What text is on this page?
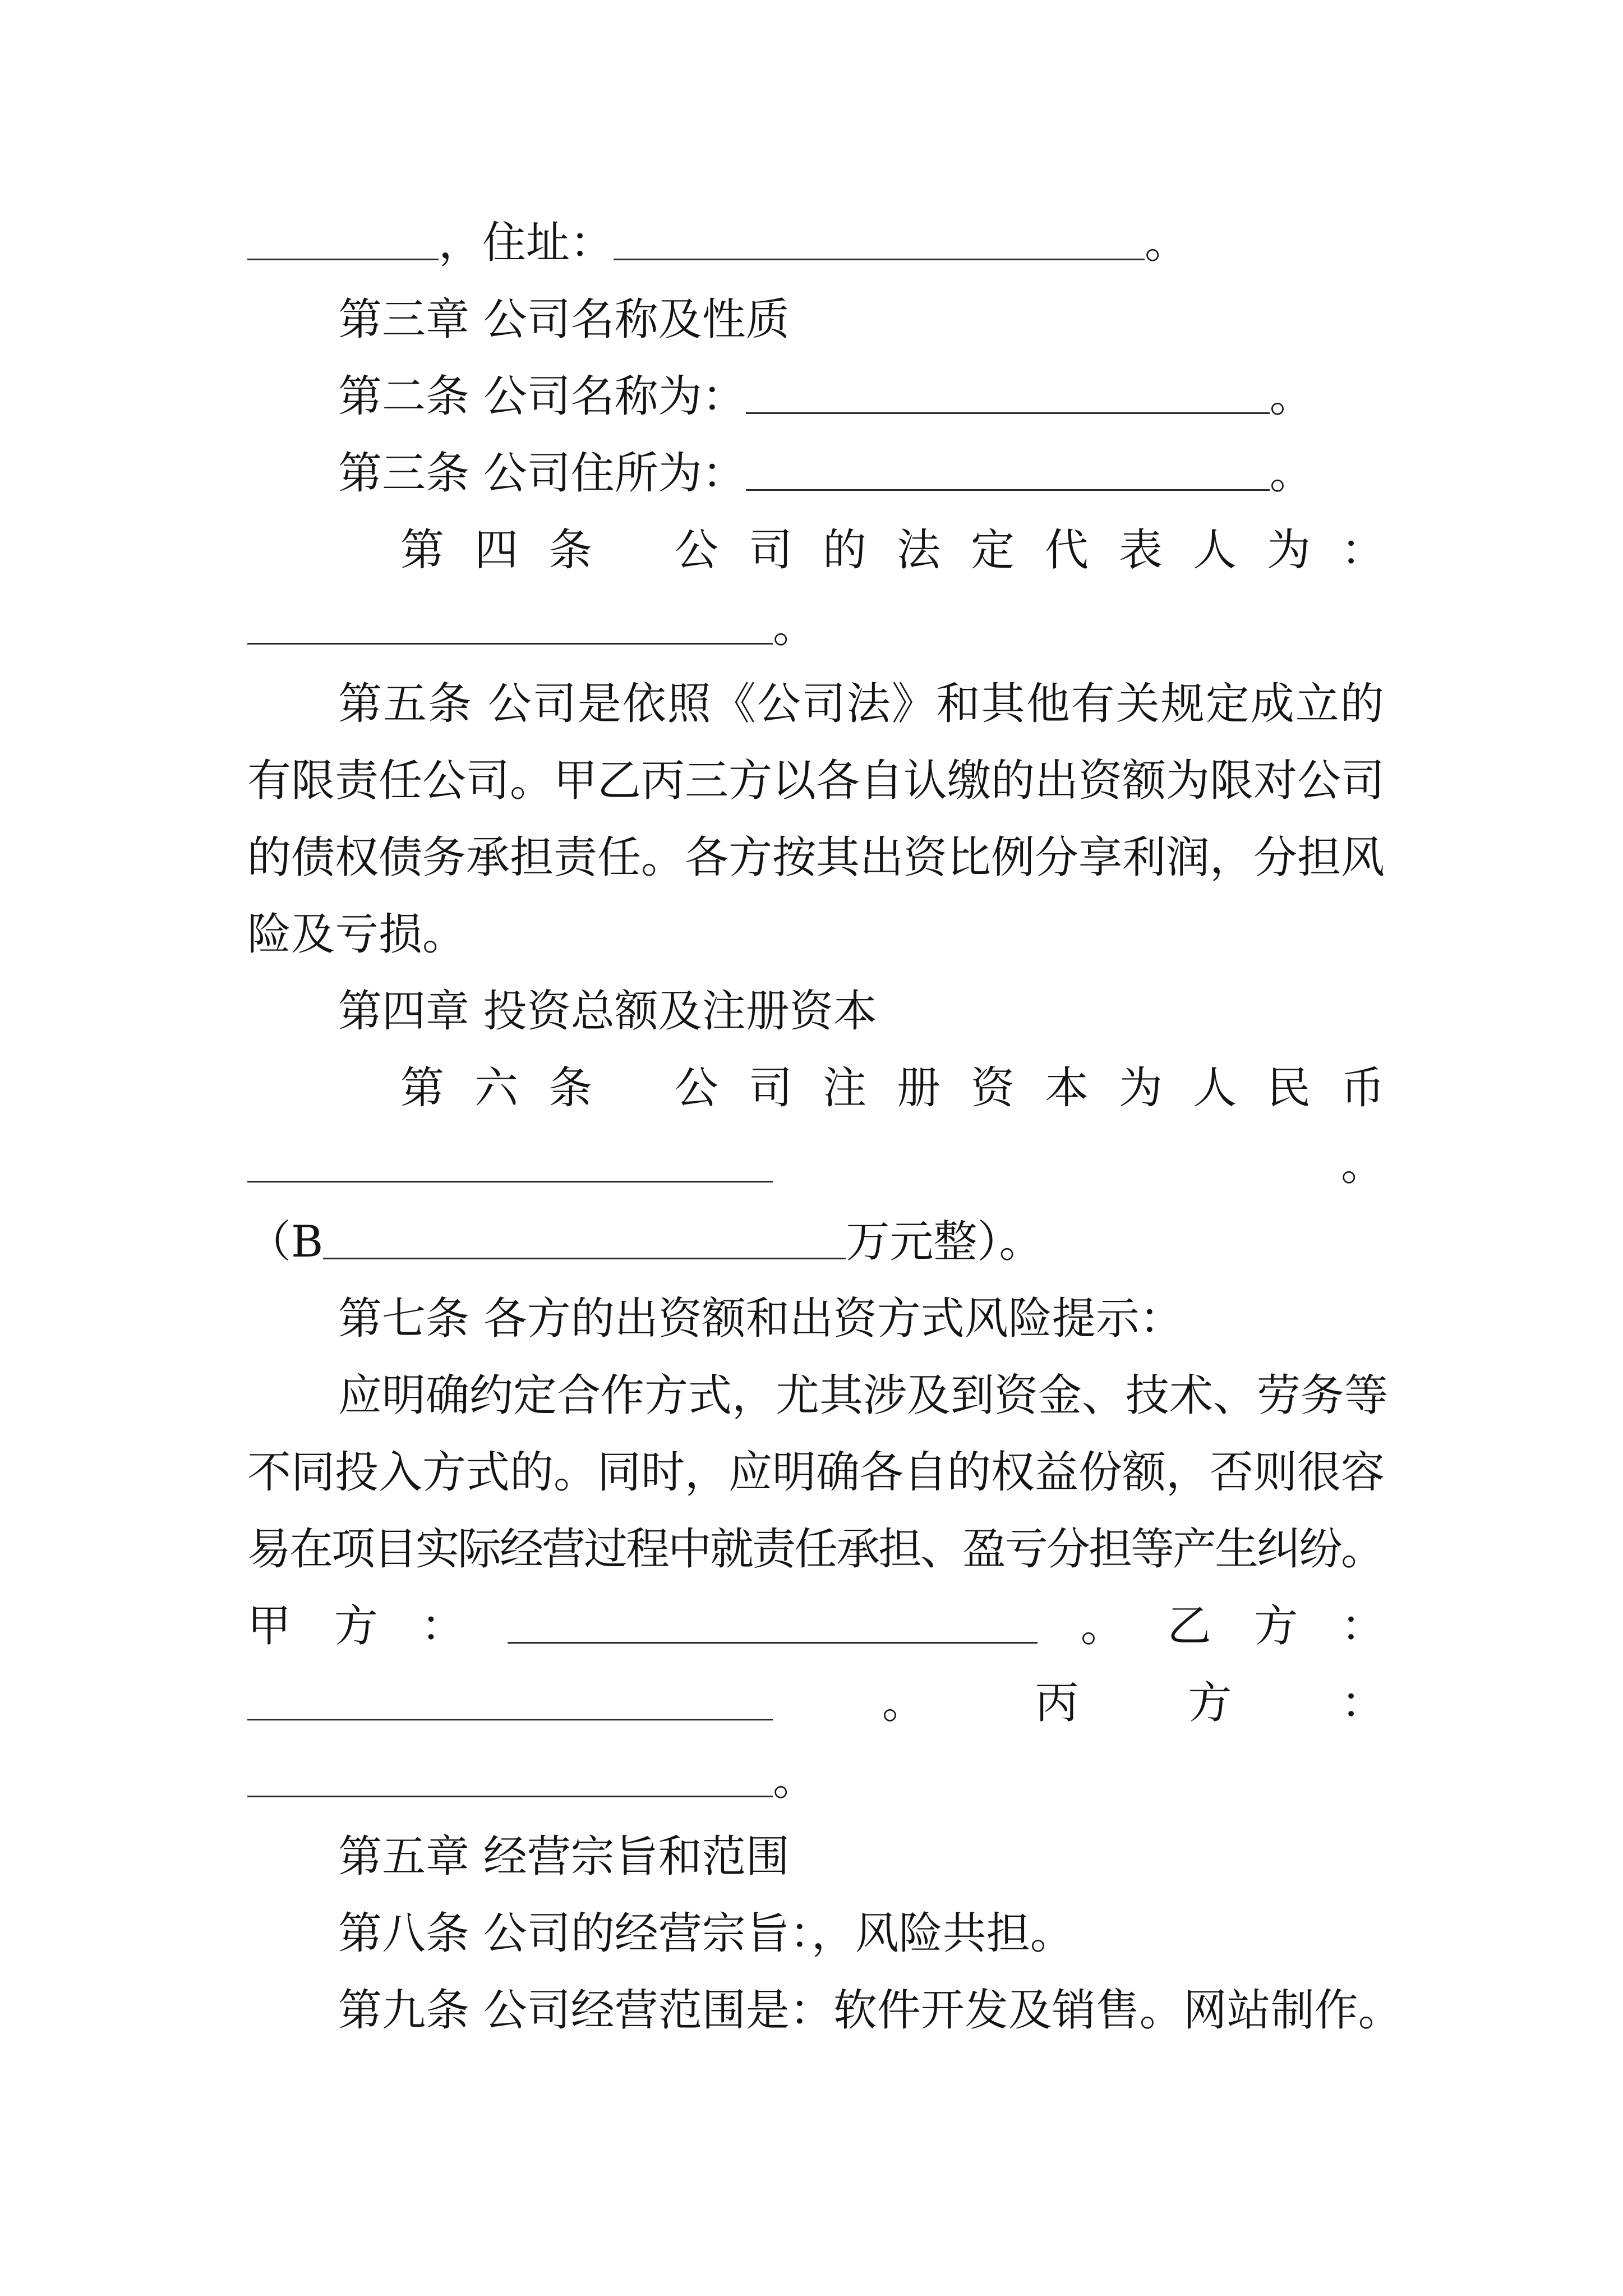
，住址：	。
第三章 公司名称及性质
第二条 公司名称为：	。
第三条 公司住所为：	。
第 四 条 公 司 的 法 定 代 表 人 为 ：
。
第五条 公司是依照《公司法》和其他有关规定成立的
有限责任公司。甲乙丙三方以各自认缴的出资额为限对公司
的债权债务承担责任。各方按其出资比例分享利润，分担风
险及亏损。
第四章 投资总额及注册资本
第 六 条 公 司 注 册 资 本 为 人 民 币
。
（B	万元整）。
第七条 各方的出资额和出资方式风险提示：
应明确约定合作方式，尤其涉及到资金、技术、劳务等
不同投入方式的。同时，应明确各自的权益份额，否则很容
易在项目实际经营过程中就责任承担、盈亏分担等产生纠纷。
甲 方 ：	。 乙 方 ：
。 丙 方 ：
。
第五章 经营宗旨和范围
第八条 公司的经营宗旨：，风险共担。
第九条 公司经营范围是：软件开发及销售。网站制作。
